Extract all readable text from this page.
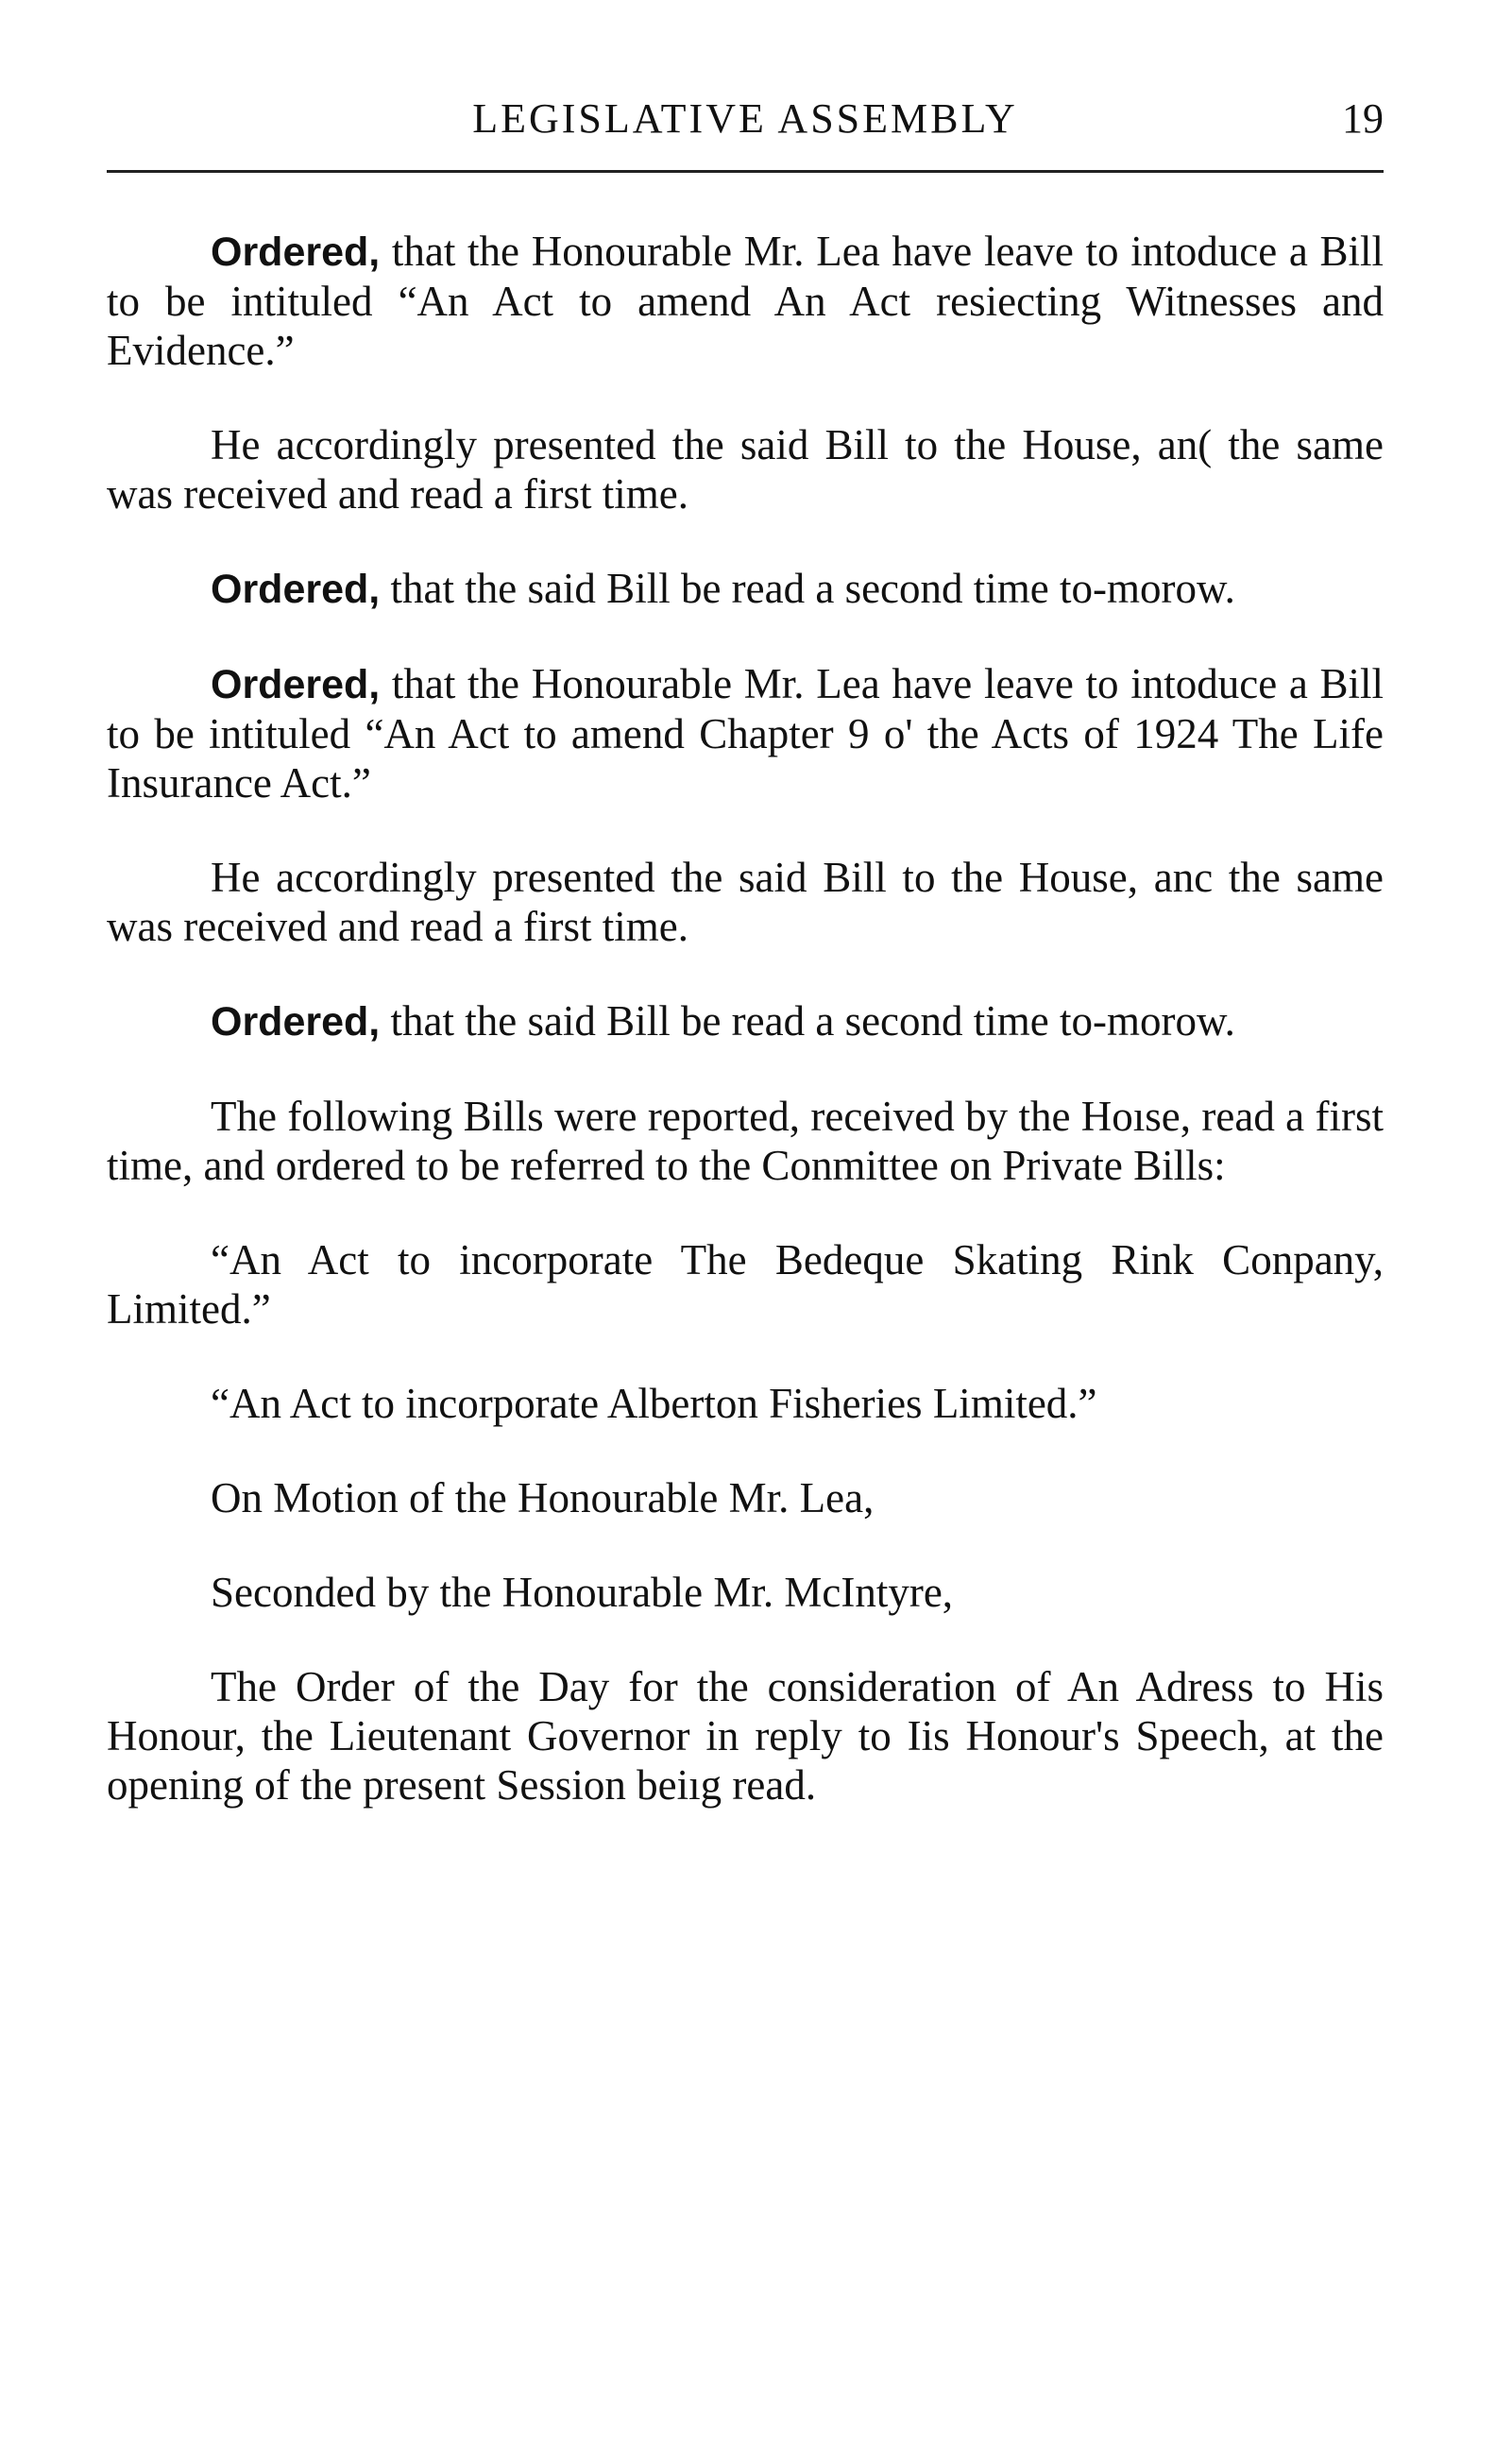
LEGISLATIVE ASSEMBLY	19

Ordered, that the Honourable Mr. Lea have leave to intoduce a Bill to be intituled “An Act to amend An Act resiecting Witnesses and Evidence.”

He accordingly presented the said Bill to the House, an( the same was received and read a first time.

Ordered, that the said Bill be read a second time to-morow.

Ordered, that the Honourable Mr. Lea have leave to intoduce a Bill to be intituled “An Act to amend Chapter 9 o' the Acts of 1924 The Life Insurance Act.”

He accordingly presented the said Bill to the House, anc the same was received and read a first time.

Ordered, that the said Bill be read a second time to-morow.

The following Bills were reported, received by the Hoıse, read a first time, and ordered to be referred to the Conmittee on Private Bills:

“An Act to incorporate The Bedeque Skating Rink Conpany, Limited.”

“An Act to incorporate Alberton Fisheries Limited.”

On Motion of the Honourable Mr. Lea,

Seconded by the Honourable Mr. McIntyre,

The Order of the Day for the consideration of An Adress to His Honour, the Lieutenant Governor in reply to Iis Honour's Speech, at the opening of the present Session beiıg read.
